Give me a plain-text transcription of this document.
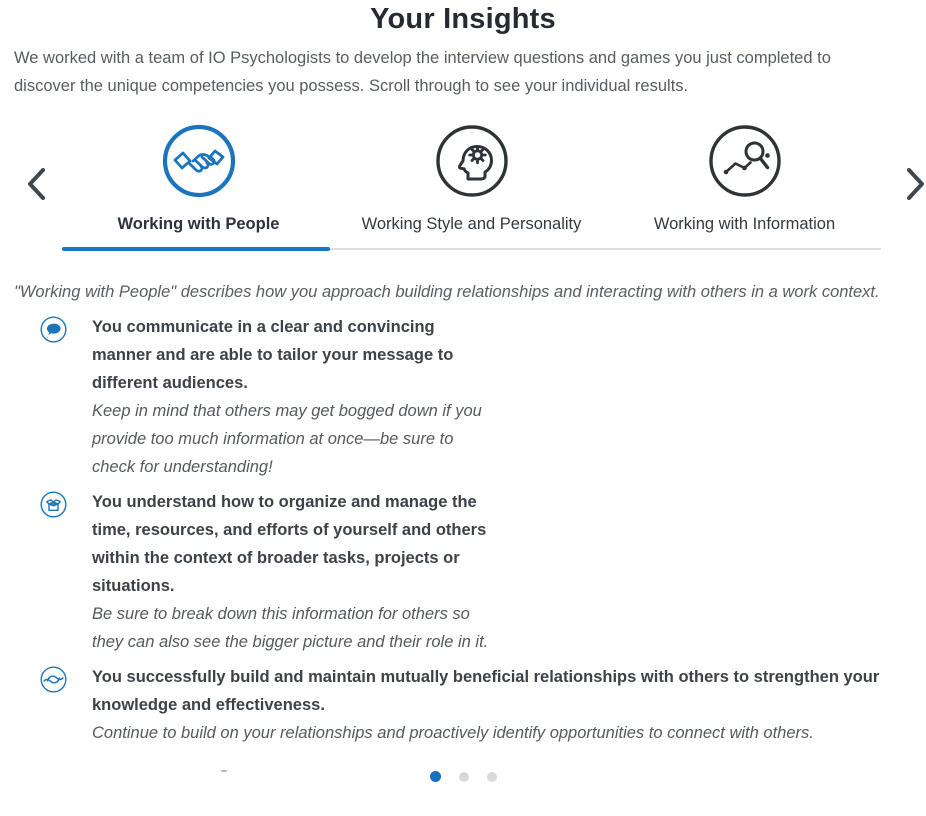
Your Insights

We worked with a team of IO Psychologists to develop the interview questions and games you just completed to discover the unique competencies you possess. Scroll through to see your individual results.

Working with People	Working Style and Personality	Working with Information

"Working with People" describes how you approach building relationships and interacting with others in a work context.

You communicate in a clear and convincing manner and are able to tailor your message to different audiences.

Keep in mind that others may get bogged down if you provide too much information at once—be sure to check for understanding!

You understand how to organize and manage the time, resources, and efforts of yourself and others within the context of broader tasks, projects or situations.

Be sure to break down this information for others so they can also see the bigger picture and their role in it.

You successfully build and maintain mutually beneficial relationships with others to strengthen your knowledge and effectiveness.

Continue to build on your relationships and proactively identify opportunities to connect with others.
